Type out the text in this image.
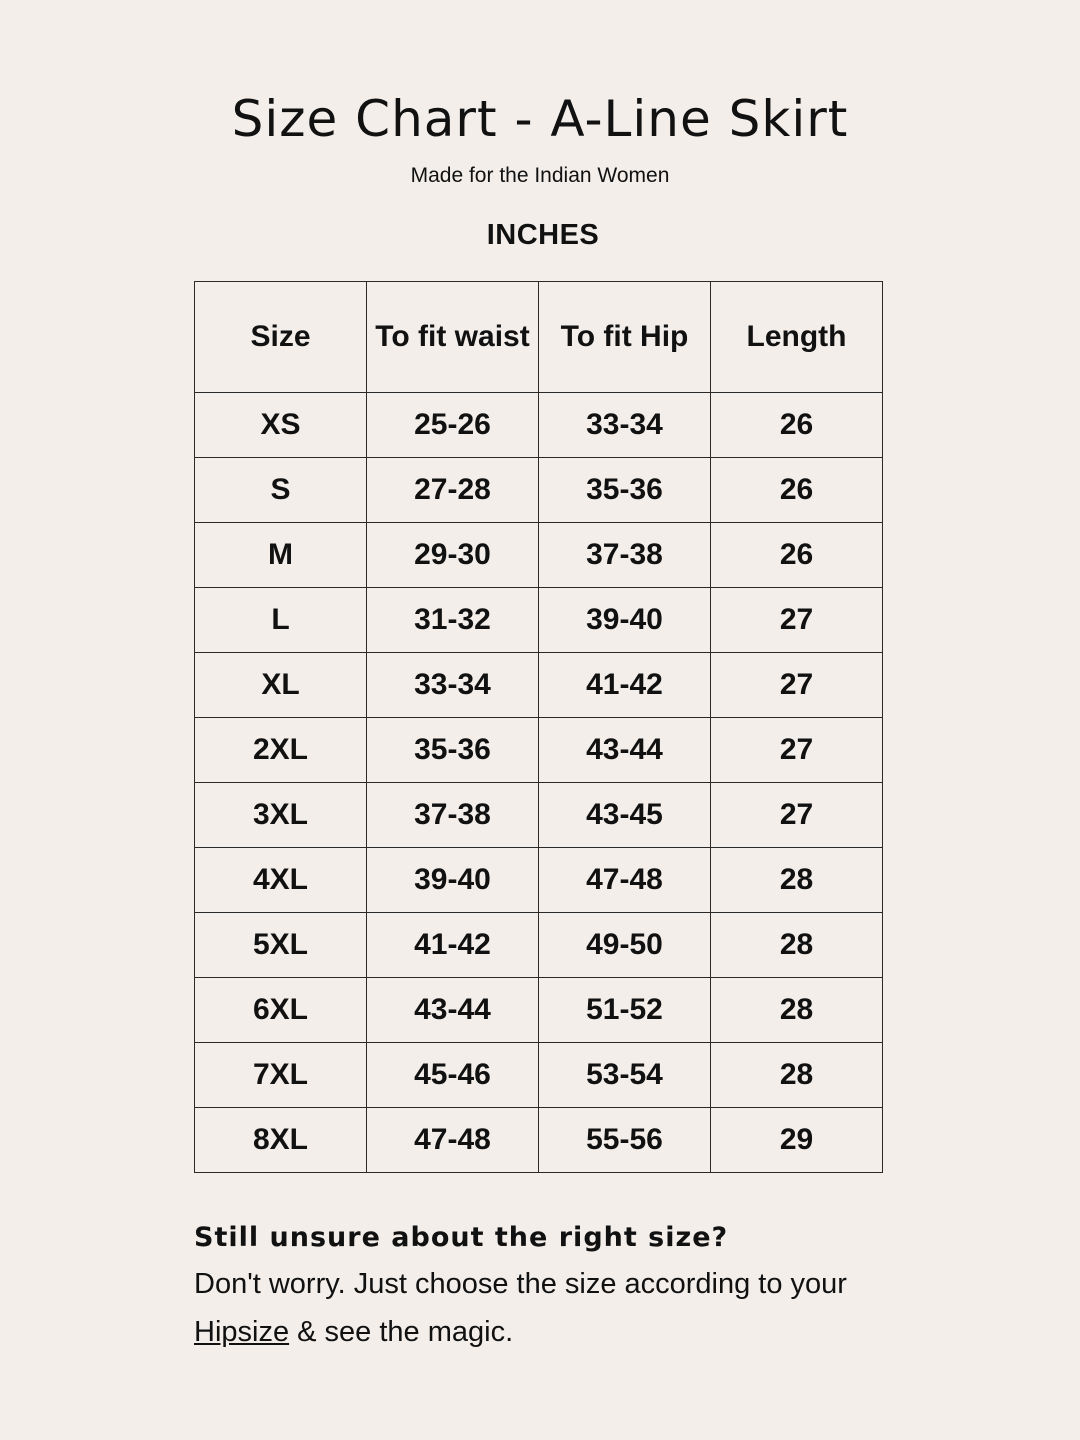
Size Chart - A-Line Skirt
Made for the Indian Women
INCHES
Size	To fit waist	To fit Hip	Length
XS	25-26	33-34	26
S	27-28	35-36	26
M	29-30	37-38	26
L	31-32	39-40	27
XL	33-34	41-42	27
2XL	35-36	43-44	27
3XL	37-38	43-45	27
4XL	39-40	47-48	28
5XL	41-42	49-50	28
6XL	43-44	51-52	28
7XL	45-46	53-54	28
8XL	47-48	55-56	29

Still unsure about the right size?

Don't worry. Just choose the size according to your Hipsize & see the magic.
